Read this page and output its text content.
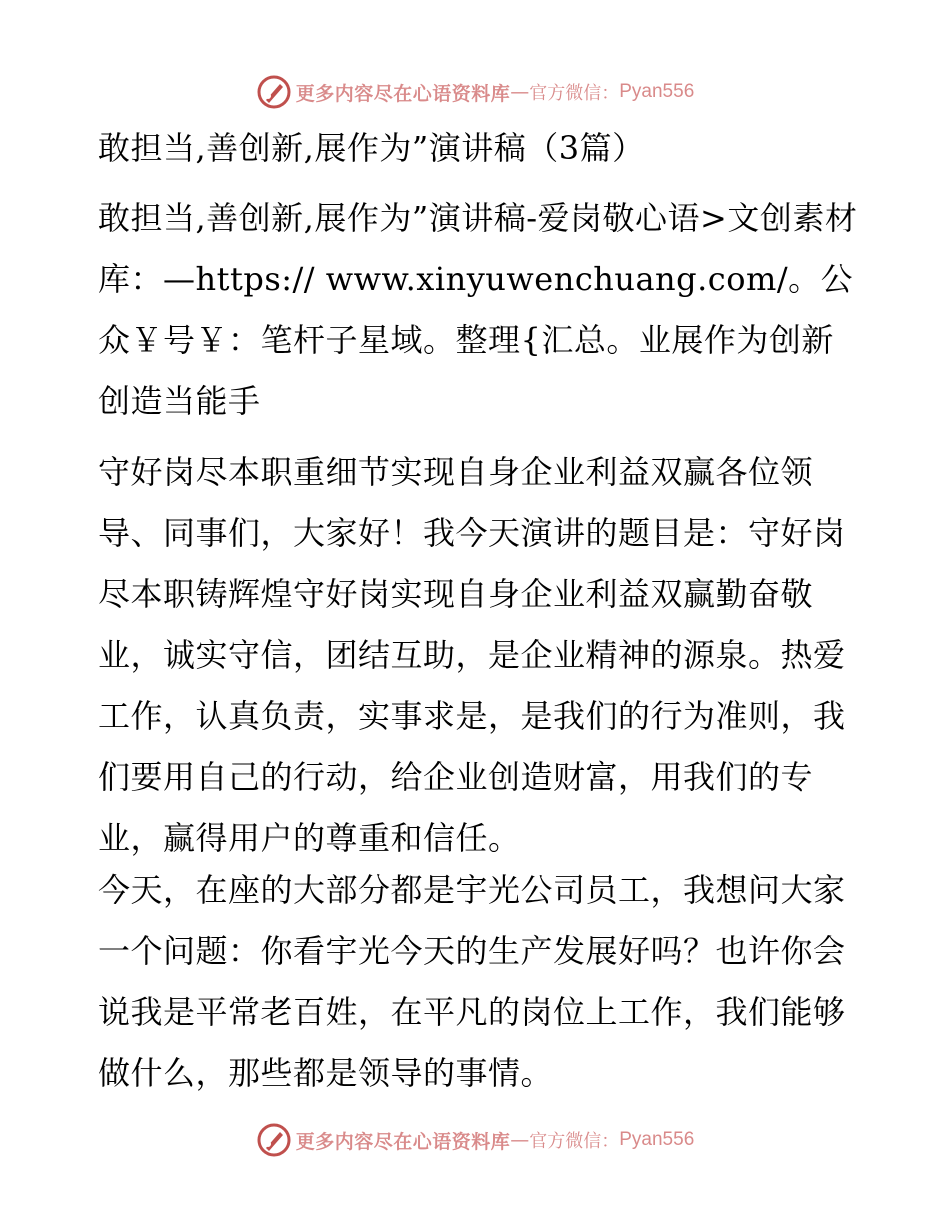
更多内容尽在心语资料库 — 官方微信： Pyan556
敢担当,善创新,展作为”演讲稿（3篇）
敢担当,善创新,展作为”演讲稿-爱岗敬心语>文创素材库：—https:// www.xinyuwenchuang.com/。公众￥号￥：笔杆子星域。整理{汇总。业展作为创新创造当能手
守好岗尽本职重细节实现自身企业利益双赢各位领导、同事们，大家好！我今天演讲的题目是：守好岗尽本职铸辉煌守好岗实现自身企业利益双赢勤奋敬业，诚实守信，团结互助，是企业精神的源泉。热爱工作，认真负责，实事求是，是我们的行为准则，我们要用自己的行动，给企业创造财富，用我们的专业，赢得用户的尊重和信任。
今天，在座的大部分都是宇光公司员工，我想问大家一个问题：你看宇光今天的生产发展好吗？也许你会说我是平常老百姓，在平凡的岗位上工作，我们能够做什么，那些都是领导的事情。
更多内容尽在心语资料库 — 官方微信： Pyan556
